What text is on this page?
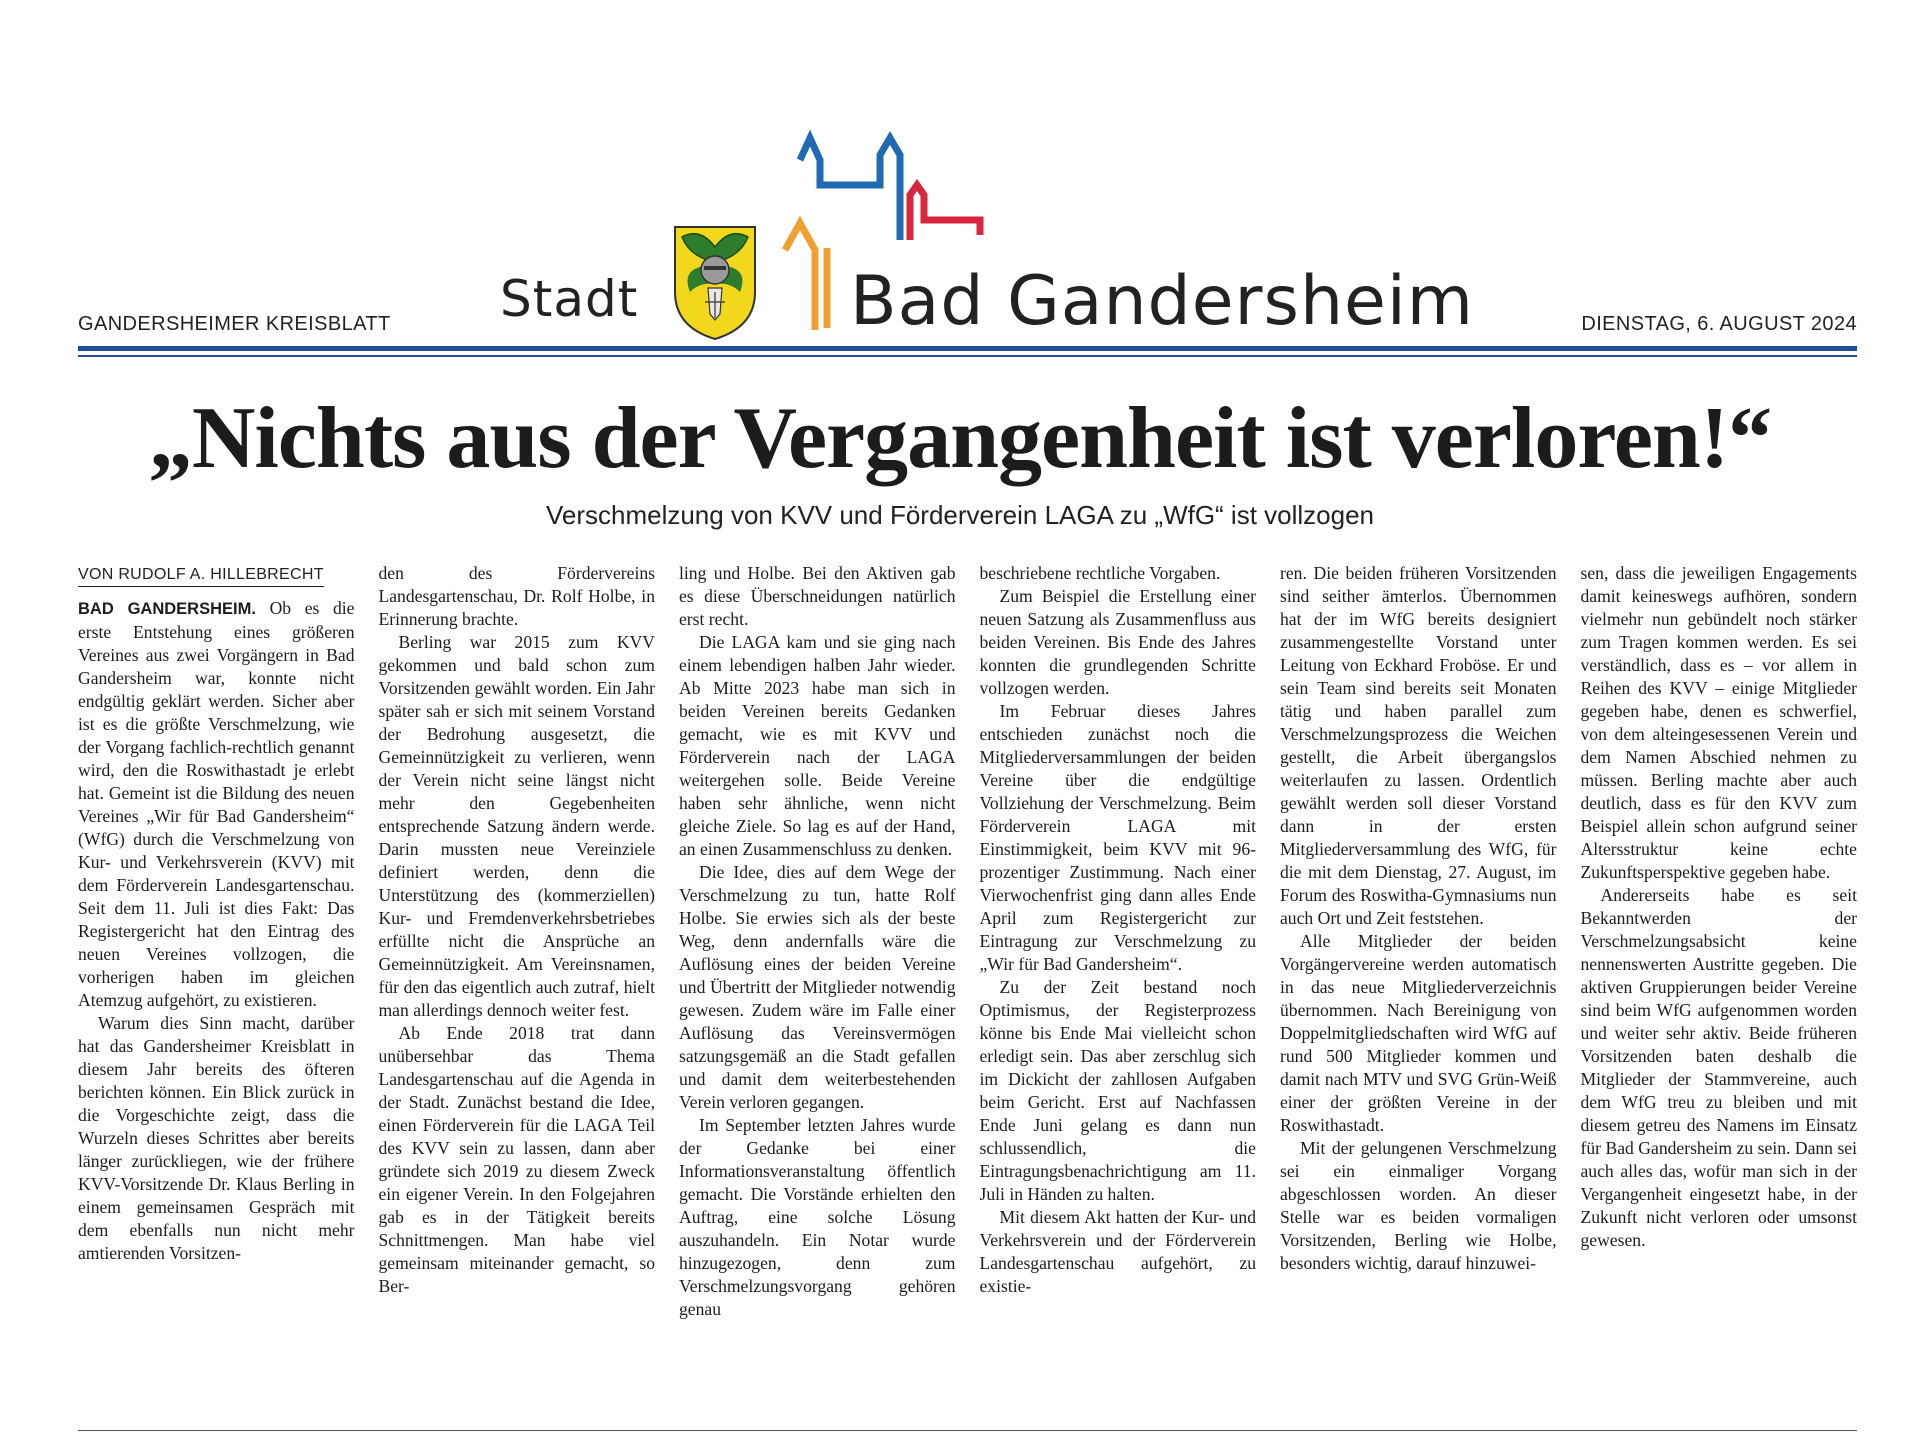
GANDERSHEIMER KREISBLATT Stadt	Bad Gandersheim	DIENSTAG, 6. AUGUST 2024
„Nichts aus der Vergangenheit ist verloren!“
Verschmelzung von KVV und Förderverein LAGA zu „WfG“ ist vollzogen
VON RUDOLF A. HILLEBRECHT

BAD GANDERSHEIM. Ob es die erste Entstehung eines größeren Vereines aus zwei Vorgängern in Bad Gandersheim war, konnte nicht endgültig geklärt werden. Sicher aber ist es die größte Verschmelzung, wie der Vorgang fachlich-rechtlich genannt wird, den die Roswithastadt je erlebt hat. Gemeint ist die Bildung des neuen Vereines „Wir für Bad Gandersheim“ (WfG) durch die Verschmelzung von Kur- und Verkehrsverein (KVV) mit dem Förderverein Landesgartenschau. Seit dem 11. Juli ist dies Fakt: Das Registergericht hat den Eintrag des neuen Vereines vollzogen, die vorherigen haben im gleichen Atemzug aufgehört, zu existieren.

Warum dies Sinn macht, darüber hat das Gandersheimer Kreisblatt in diesem Jahr bereits des öfteren berichten können. Ein Blick zurück in die Vorgeschichte zeigt, dass die Wurzeln dieses Schrittes aber bereits länger zurückliegen, wie der frühere KVV-Vorsitzende Dr. Klaus Berling in einem gemeinsamen Gespräch mit dem ebenfalls nun nicht mehr amtierenden Vorsitzen-

den des Fördervereins Landesgartenschau, Dr. Rolf Holbe, in Erinnerung brachte.

Berling war 2015 zum KVV gekommen und bald schon zum Vorsitzenden gewählt worden. Ein Jahr später sah er sich mit seinem Vorstand der Bedrohung ausgesetzt, die Gemeinnützigkeit zu verlieren, wenn der Verein nicht seine längst nicht mehr den Gegebenheiten entsprechende Satzung ändern werde. Darin mussten neue Vereinziele definiert werden, denn die Unterstützung des (kommerziellen) Kur- und Fremdenverkehrsbetriebes erfüllte nicht die Ansprüche an Gemeinnützigkeit. Am Vereinsnamen, für den das eigentlich auch zutraf, hielt man allerdings dennoch weiter fest.

Ab Ende 2018 trat dann unübersehbar das Thema Landesgartenschau auf die Agenda in der Stadt. Zunächst bestand die Idee, einen Förderverein für die LAGA Teil des KVV sein zu lassen, dann aber gründete sich 2019 zu diesem Zweck ein eigener Verein. In den Folgejahren gab es in der Tätigkeit bereits Schnittmengen. Man habe viel gemeinsam miteinander gemacht, so Ber-

ling und Holbe. Bei den Aktiven gab es diese Überschneidungen natürlich erst recht.

Die LAGA kam und sie ging nach einem lebendigen halben Jahr wieder. Ab Mitte 2023 habe man sich in beiden Vereinen bereits Gedanken gemacht, wie es mit KVV und Förderverein nach der LAGA weitergehen solle. Beide Vereine haben sehr ähnliche, wenn nicht gleiche Ziele. So lag es auf der Hand, an einen Zusammenschluss zu denken.

Die Idee, dies auf dem Wege der Verschmelzung zu tun, hatte Rolf Holbe. Sie erwies sich als der beste Weg, denn andernfalls wäre die Auflösung eines der beiden Vereine und Übertritt der Mitglieder notwendig gewesen. Zudem wäre im Falle einer Auflösung das Vereinsvermögen satzungsgemäß an die Stadt gefallen und damit dem weiterbestehenden Verein verloren gegangen.

Im September letzten Jahres wurde der Gedanke bei einer Informationsveranstaltung öffentlich gemacht. Die Vorstände erhielten den Auftrag, eine solche Lösung auszuhandeln. Ein Notar wurde hinzugezogen, denn zum Verschmelzungsvorgang gehören genau

beschriebene rechtliche Vorgaben.

Zum Beispiel die Erstellung einer neuen Satzung als Zusammenfluss aus beiden Vereinen. Bis Ende des Jahres konnten die grundlegenden Schritte vollzogen werden.

Im Februar dieses Jahres entschieden zunächst noch die Mitgliederversammlungen der beiden Vereine über die endgültige Vollziehung der Verschmelzung. Beim Förderverein LAGA mit Einstimmigkeit, beim KVV mit 96-prozentiger Zustimmung. Nach einer Vierwochenfrist ging dann alles Ende April zum Registergericht zur Eintragung zur Verschmelzung zu „Wir für Bad Gandersheim“.

Zu der Zeit bestand noch Optimismus, der Registerprozess könne bis Ende Mai vielleicht schon erledigt sein. Das aber zerschlug sich im Dickicht der zahllosen Aufgaben beim Gericht. Erst auf Nachfassen Ende Juni gelang es dann nun schlussendlich, die Eintragungsbenachrichtigung am 11. Juli in Händen zu halten.

Mit diesem Akt hatten der Kur- und Verkehrsverein und der Förderverein Landesgartenschau aufgehört, zu existie-

ren. Die beiden früheren Vorsitzenden sind seither ämterlos. Übernommen hat der im WfG bereits designiert zusammengestellte Vorstand unter Leitung von Eckhard Froböse. Er und sein Team sind bereits seit Monaten tätig und haben parallel zum Verschmelzungsprozess die Weichen gestellt, die Arbeit übergangslos weiterlaufen zu lassen. Ordentlich gewählt werden soll dieser Vorstand dann in der ersten Mitgliederversammlung des WfG, für die mit dem Dienstag, 27. August, im Forum des Roswitha-Gymnasiums nun auch Ort und Zeit feststehen.

Alle Mitglieder der beiden Vorgängervereine werden automatisch in das neue Mitgliederverzeichnis übernommen. Nach Bereinigung von Doppelmitgliedschaften wird WfG auf rund 500 Mitglieder kommen und damit nach MTV und SVG Grün-Weiß einer der größten Vereine in der Roswithastadt.

Mit der gelungenen Verschmelzung sei ein einmaliger Vorgang abgeschlossen worden. An dieser Stelle war es beiden vormaligen Vorsitzenden, Berling wie Holbe, besonders wichtig, darauf hinzuwei-

sen, dass die jeweiligen Engagements damit keineswegs aufhören, sondern vielmehr nun gebündelt noch stärker zum Tragen kommen werden. Es sei verständlich, dass es – vor allem in Reihen des KVV – einige Mitglieder gegeben habe, denen es schwerfiel, von dem alteingesessenen Verein und dem Namen Abschied nehmen zu müssen. Berling machte aber auch deutlich, dass es für den KVV zum Beispiel allein schon aufgrund seiner Altersstruktur keine echte Zukunftsperspektive gegeben habe.

Andererseits habe es seit Bekanntwerden der Verschmelzungsabsicht keine nennenswerten Austritte gegeben. Die aktiven Gruppierungen beider Vereine sind beim WfG aufgenommen worden und weiter sehr aktiv. Beide früheren Vorsitzenden baten deshalb die Mitglieder der Stammvereine, auch dem WfG treu zu bleiben und mit diesem getreu des Namens im Einsatz für Bad Gandersheim zu sein. Dann sei auch alles das, wofür man sich in der Vergangenheit eingesetzt habe, in der Zukunft nicht verloren oder umsonst gewesen.
